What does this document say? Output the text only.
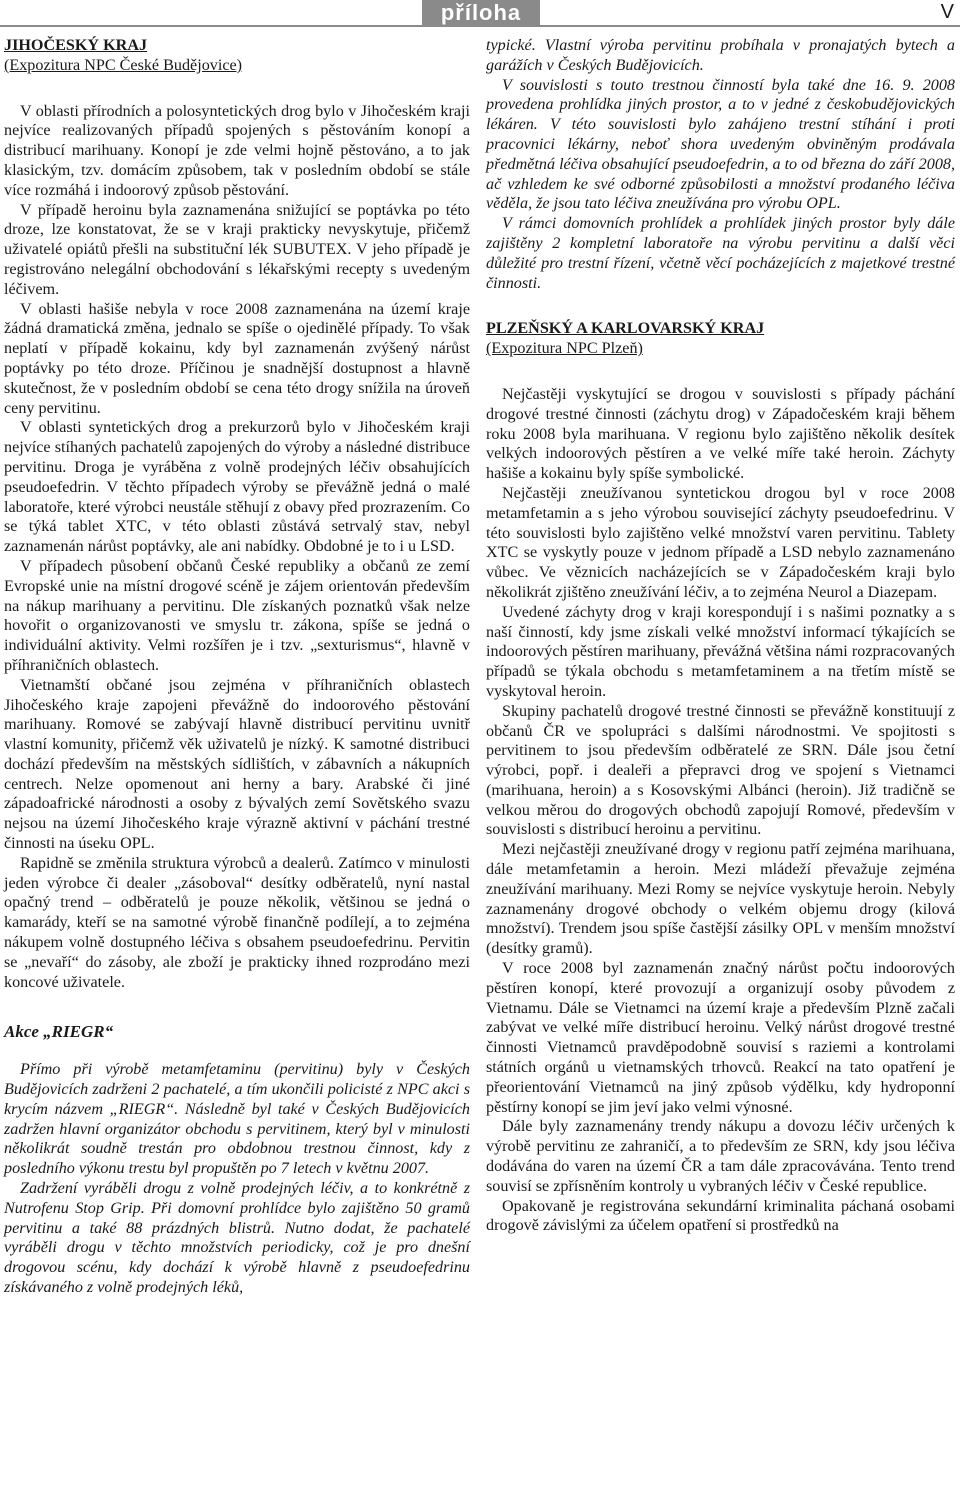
příloha	V

JIHOČESKÝ KRAJ

(Expozitura NPC České Budějovice)

V oblasti přírodních a polosyntetických drog bylo v Jihočeském kraji nejvíce realizovaných případů spojených s pěstováním konopí a distribucí marihuany. Konopí je zde velmi hojně pěstováno, a to jak klasickým, tzv. domácím způsobem, tak v posledním období se stále více rozmáhá i indoorový způsob pěstování.

V případě heroinu byla zaznamenána snižující se poptávka po této droze, lze konstatovat, že se v kraji prakticky nevyskytuje, přičemž uživatelé opiátů přešli na substituční lék SUBUTEX. V jeho případě je registrováno nelegální obchodování s lékařskými recepty s uvedeným léčivem.

V oblasti hašiše nebyla v roce 2008 zaznamenána na území kraje žádná dramatická změna, jednalo se spíše o ojedinělé případy. To však neplatí v případě kokainu, kdy byl zaznamenán zvýšený nárůst poptávky po této droze. Příčinou je snadnější dostupnost a hlavně skutečnost, že v posledním období se cena této drogy snížila na úroveň ceny pervitinu.

V oblasti syntetických drog a prekurzorů bylo v Jihočeském kraji nejvíce stíhaných pachatelů zapojených do výroby a následné distribuce pervitinu. Droga je vyráběna z volně prodejných léčiv obsahujících pseudoefedrin. V těchto případech výroby se převážně jedná o malé laboratoře, které výrobci neustále stěhují z obavy před prozrazením. Co se týká tablet XTC, v této oblasti zůstává setrvalý stav, nebyl zaznamenán nárůst poptávky, ale ani nabídky. Obdobné je to i u LSD.

V případech působení občanů České republiky a občanů ze zemí Evropské unie na místní drogové scéně je zájem orientován především na nákup marihuany a pervitinu. Dle získaných poznatků však nelze hovořit o organizovanosti ve smyslu tr. zákona, spíše se jedná o individuální aktivity. Velmi rozšířen je i tzv. „sexturismus“, hlavně v příhraničních oblastech.

Vietnamští občané jsou zejména v příhraničních oblastech Jihočeského kraje zapojeni převážně do indoorového pěstování marihuany. Romové se zabývají hlavně distribucí pervitinu uvnitř vlastní komunity, přičemž věk uživatelů je nízký. K samotné distribuci dochází především na městských sídlištích, v zábavních a nákupních centrech. Nelze opomenout ani herny a bary. Arabské či jiné západoafrické národnosti a osoby z bývalých zemí Sovětského svazu nejsou na území Jihočeského kraje výrazně aktivní v páchání trestné činnosti na úseku OPL.

Rapidně se změnila struktura výrobců a dealerů. Zatímco v minulosti jeden výrobce či dealer „zásoboval“ desítky odběratelů, nyní nastal opačný trend – odběratelů je pouze několik, většinou se jedná o kamarády, kteří se na samotné výrobě finančně podílejí, a to zejména nákupem volně dostupného léčiva s obsahem pseudoefedrinu. Pervitin se „nevaří“ do zásoby, ale zboží je prakticky ihned rozprodáno mezi koncové uživatele.

Akce „RIEGR“

Přímo při výrobě metamfetaminu (pervitinu) byly v Českých Budějovicích zadrženi 2 pachatelé, a tím ukončili policisté z NPC akci s krycím názvem „RIEGR“. Následně byl také v Českých Budějovicích zadržen hlavní organizátor obchodu s pervitinem, který byl v minulosti několikrát soudně trestán pro obdobnou trestnou činnost, kdy z posledního výkonu trestu byl propuštěn po 7 letech v květnu 2007.

Zadržení vyráběli drogu z volně prodejných léčiv, a to konkrétně z Nutrofenu Stop Grip. Při domovní prohlídce bylo zajištěno 50 gramů pervitinu a také 88 prázdných blistrů. Nutno dodat, že pachatelé vyráběli drogu v těchto množstvích periodicky, což je pro dnešní drogovou scénu, kdy dochází k výrobě hlavně z pseudoefedrinu získávaného z volně prodejných léků,

typické. Vlastní výroba pervitinu probíhala v pronajatých bytech a garážích v Českých Budějovicích.

V souvislosti s touto trestnou činností byla také dne 16. 9. 2008 provedena prohlídka jiných prostor, a to v jedné z českobudějovických lékáren. V této souvislosti bylo zahájeno trestní stíhání i proti pracovnici lékárny, neboť shora uvedeným obviněným prodávala předmětná léčiva obsahující pseudoefedrin, a to od března do září 2008, ač vzhledem ke své odborné způsobilosti a množství prodaného léčiva věděla, že jsou tato léčiva zneužívána pro výrobu OPL.

V rámci domovních prohlídek a prohlídek jiných prostor byly dále zajištěny 2 kompletní laboratoře na výrobu pervitinu a další věci důležité pro trestní řízení, včetně věcí pocházejících z majetkové trestné činnosti.

PLZEŇSKÝ A KARLOVARSKÝ KRAJ

(Expozitura NPC Plzeň)

Nejčastěji vyskytující se drogou v souvislosti s případy páchání drogové trestné činnosti (záchytu drog) v Západočeském kraji během roku 2008 byla marihuana. V regionu bylo zajištěno několik desítek velkých indoorových pěstíren a ve velké míře také heroin. Záchyty hašiše a kokainu byly spíše symbolické.

Nejčastěji zneužívanou syntetickou drogou byl v roce 2008 metamfetamin a s jeho výrobou související záchyty pseudoefedrinu. V této souvislosti bylo zajištěno velké množství varen pervitinu. Tablety XTC se vyskytly pouze v jednom případě a LSD nebylo zaznamenáno vůbec. Ve věznicích nacházejících se v Západočeském kraji bylo několikrát zjištěno zneužívání léčiv, a to zejména Neurol a Diazepam.

Uvedené záchyty drog v kraji korespondují i s našimi poznatky a s naší činností, kdy jsme získali velké množství informací týkajících se indoorových pěstíren marihuany, převážná většina námi rozpracovaných případů se týkala obchodu s metamfetaminem a na třetím místě se vyskytoval heroin.

Skupiny pachatelů drogové trestné činnosti se převážně konstituují z občanů ČR ve spolupráci s dalšími národnostmi. Ve spojitosti s pervitinem to jsou především odběratelé ze SRN. Dále jsou četní výrobci, popř. i dealeři a přepravci drog ve spojení s Vietnamci (marihuana, heroin) a s Kosovskými Albánci (heroin). Již tradičně se velkou měrou do drogových obchodů zapojují Romové, především v souvislosti s distribucí heroinu a pervitinu.

Mezi nejčastěji zneužívané drogy v regionu patří zejména marihuana, dále metamfetamin a heroin. Mezi mládeží převažuje zejména zneužívání marihuany. Mezi Romy se nejvíce vyskytuje heroin. Nebyly zaznamenány drogové obchody o velkém objemu drogy (kilová množství). Trendem jsou spíše častější zásilky OPL v menším množství (desítky gramů).

V roce 2008 byl zaznamenán značný nárůst počtu indoorových pěstíren konopí, které provozují a organizují osoby původem z Vietnamu. Dále se Vietnamci na území kraje a především Plzně začali zabývat ve velké míře distribucí heroinu. Velký nárůst drogové trestné činnosti Vietnamců pravděpodobně souvisí s raziemi a kontrolami státních orgánů u vietnamských trhovců. Reakcí na tato opatření je přeorientování Vietnamců na jiný způsob výdělku, kdy hydroponní pěstírny konopí se jim jeví jako velmi výnosné.

Dále byly zaznamenány trendy nákupu a dovozu léčiv určených k výrobě pervitinu ze zahraničí, a to především ze SRN, kdy jsou léčiva dodávána do varen na území ČR a tam dále zpracovávána. Tento trend souvisí se zpřísněním kontroly u vybraných léčiv v České republice.

Opakovaně je registrována sekundární kriminalita páchaná osobami drogově závislými za účelem opatření si prostředků na
